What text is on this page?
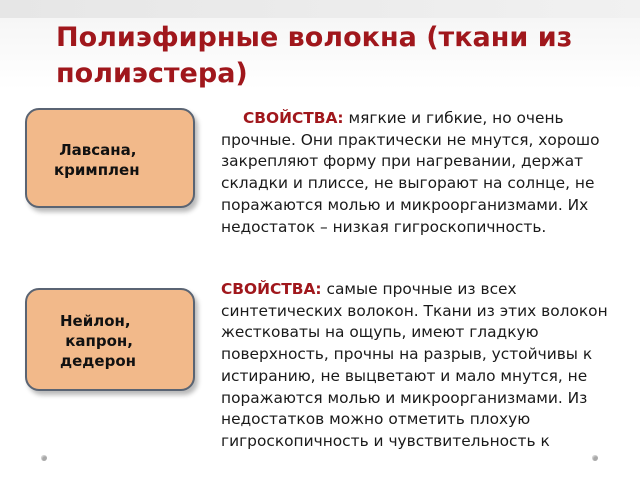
Полиэфирные волокна (ткани из полиэстера)
Лавсана,
кримплен

СВОЙСТВА: мягкие и гибкие, но очень прочные. Они практически не мнутся, хорошо закрепляют форму при нагревании, держат складки и плиссе, не выгорают на солнце, не поражаются молью и микроорганизмами. Их недостаток – низкая гигроскопичность.

Нейлон,
капрон,
дедерон

СВОЙСТВА: самые прочные из всех синтетических волокон. Ткани из этих волокон жестковаты на ощупь, имеют гладкую поверхность, прочны на разрыв, устойчивы к истиранию, не выцветают и мало мнутся, не поражаются молью и микроорганизмами. Из недостатков можно отметить плохую гигроскопичность и чувствительность к
